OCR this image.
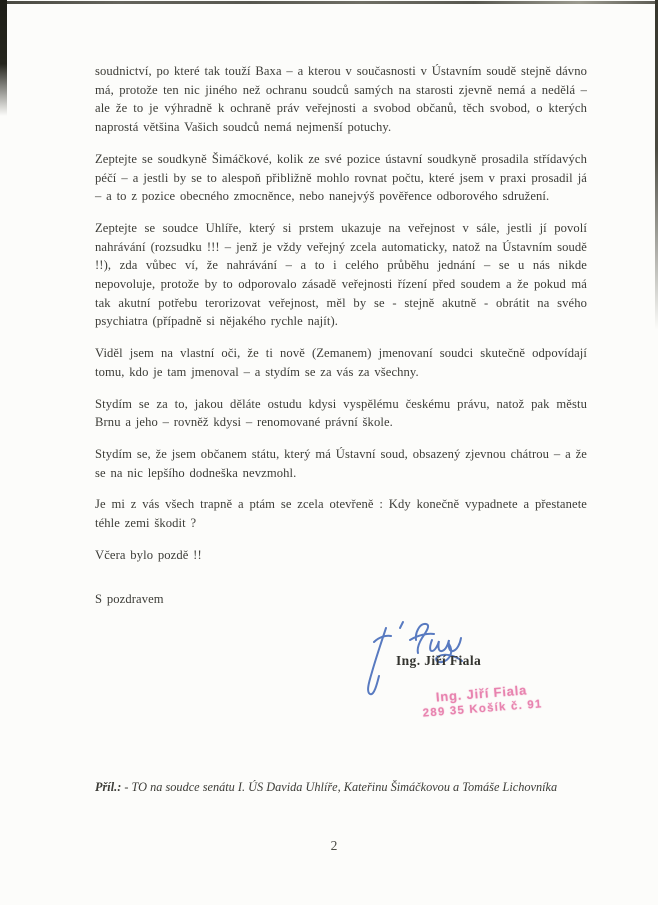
soudnictví, po které tak touží Baxa – a kterou v současnosti v Ústavním soudě stejně dávno má, protože ten nic jiného než ochranu soudců samých na starosti zjevně nemá a nedělá – ale že to je výhradně k ochraně práv veřejnosti a svobod občanů, těch svobod, o kterých naprostá většina Vašich soudců nemá nejmenší potuchy.

Zeptejte se soudkyně Šimáčkové, kolik ze své pozice ústavní soudkyně prosadila střídavých péčí – a jestli by se to alespoň přibližně mohlo rovnat počtu, které jsem v praxi prosadil já – a to z pozice obecného zmocněnce, nebo nanejvýš pověřence odborového sdružení.

Zeptejte se soudce Uhlíře, který si prstem ukazuje na veřejnost v sále, jestli jí povolí nahrávání (rozsudku !!! – jenž je vždy veřejný zcela automaticky, natož na Ústavním soudě !!), zda vůbec ví, že nahrávání – a to i celého průběhu jednání – se u nás nikde nepovoluje, protože by to odporovalo zásadě veřejnosti řízení před soudem a že pokud má tak akutní potřebu terorizovat veřejnost, měl by se - stejně akutně - obrátit na svého psychiatra (případně si nějakého rychle najít).

Viděl jsem na vlastní oči, že ti nově (Zemanem) jmenovaní soudci skutečně odpovídají tomu, kdo je tam jmenoval – a stydím se za vás za všechny.

Stydím se za to, jakou děláte ostudu kdysi vyspělému českému právu, natož pak městu Brnu a jeho – rovněž kdysi – renomované právní škole.

Stydím se, že jsem občanem státu, který má Ústavní soud, obsazený zjevnou chátrou – a že se na nic lepšího dodneška nevzmohl.

Je mi z vás všech trapně a ptám se zcela otevřeně : Kdy konečně vypadnete a přestanete téhle zemi škodit ?

Včera bylo pozdě !!

S pozdravem

Ing. Jiří Fiala
Ing. Jiří Fiala
289 35 Košík č. 91
Příl.: - TO na soudce senátu I. ÚS Davida Uhlíře, Kateřinu Šimáčkovou a Tomáše Lichovníka
2
